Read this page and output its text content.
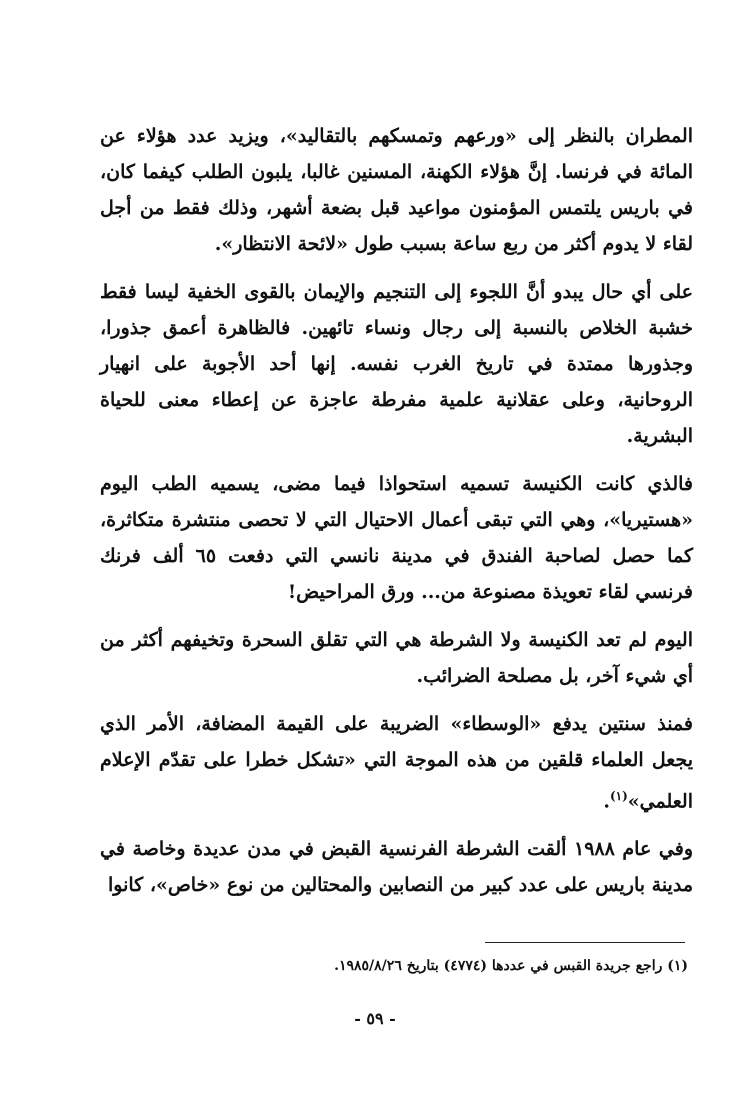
المطران بالنظر إلى «ورعهم وتمسكهم بالتقاليد»، ويزيد عدد هؤلاء عن المائة في فرنسا. إنَّ هؤلاء الكهنة، المسنين غالبا، يلبون الطلب كيفما كان، في باريس يلتمس المؤمنون مواعيد قبل بضعة أشهر، وذلك فقط من أجل لقاء لا يدوم أكثر من ربع ساعة بسبب طول «لائحة الانتظار».

على أي حال يبدو أنَّ اللجوء إلى التنجيم والإيمان بالقوى الخفية ليسا فقط خشبة الخلاص بالنسبة إلى رجال ونساء تائهين. فالظاهرة أعمق جذورا، وجذورها ممتدة في تاريخ الغرب نفسه. إنها أحد الأجوبة على انهيار الروحانية، وعلى عقلانية علمية مفرطة عاجزة عن إعطاء معنى للحياة البشرية.

فالذي كانت الكنيسة تسميه استحواذا فيما مضى، يسميه الطب اليوم «هستيريا»، وهي التي تبقى أعمال الاحتيال التي لا تحصى منتشرة متكاثرة، كما حصل لصاحبة الفندق في مدينة نانسي التي دفعت ٦٥ ألف فرنك فرنسي لقاء تعويذة مصنوعة من... ورق المراحيض!

اليوم لم تعد الكنيسة ولا الشرطة هي التي تقلق السحرة وتخيفهم أكثر من أي شيء آخر، بل مصلحة الضرائب.

فمنذ سنتين يدفع «الوسطاء» الضريبة على القيمة المضافة، الأمر الذي يجعل العلماء قلقين من هذه الموجة التي «تشكل خطرا على تقدّم الإعلام العلمي»$^{(١)}$.

وفي عام ١٩٨٨ ألقت الشرطة الفرنسية القبض في مدن عديدة وخاصة في مدينة باريس على عدد كبير من النصابين والمحتالين من نوع «خاص»، كانوا

(١) راجع جريدة القبس في عددها (٤٧٧٤) بتاريخ ١٩٨٥/٨/٢٦.
- ٥٩ -
